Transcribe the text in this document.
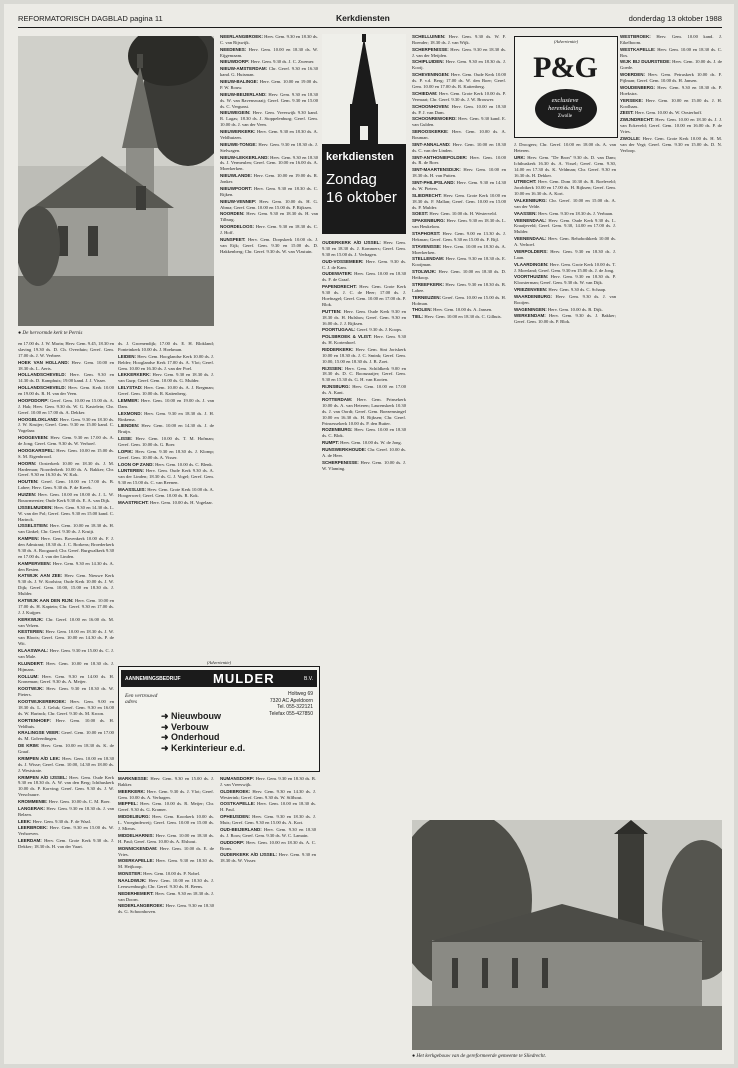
REFORMATORISCH DAGBLAD pagina 11	Kerkdiensten	donderdag 13 oktober 1988
● De hervormde kerk te Pernis

en 17.00 ds. J. W. Marin; Herv. Gem. 9.45, 18.30 en slaving 19.30 ds. D. Ch. Overduin; Geref. Gem. 17.00 ds. J. W. Verbree.

HOEK VAN HOLLAND: Herv. Gem. 10.00 en 18.30 ds. L. Aerts.

HOLLANDSCHEVELD: Herv. Gem. 9.30 en 14.30 ds. D. Kamphuis; 19.00 kand. J. J. Visser.

HOLLANDSCHEVELD: Herv. Gem. Kerk 10.00 en 19.00 ds. R. H. van der Veen.

HOOFDDORP: Geref. Gem. 10.00 en 15.00 ds. A. J. Hak; Herv. Gem. 9.30 ds. W. G. Kastelein; Chr. Geref. 10.00 en 17.00 ds. A. Dekker.

HOOGBLOKLAND: Herv. Gem. 9.30 en 18.30 ds. J. W. Kruijer; Geref. Gem. 9.30 en 15.00 kand. C. Vogelaar.

HOOGEVEEN: Herv. Gem. 9.30 en 17.00 ds. A. de Jong; Geref. Gem. 9.30 ds. W. Verhoef.

HOOGKARSPEL: Herv. Gem. 10.00 en 15.00 ds. S. M. Eigenbrood.

HOORN: Oosterkerk 10.00 en 18.30 ds. J. M. Hardeman; Noorderkerk 10.00 ds. A. Bakker; Chr. Geref. 9.30 en 16.30 ds. W. Kok.

HOUTEN: Geref. Gem. 10.00 en 17.00 ds. B. Labee; Herv. Gem. 9.30 ds. P. de Kreek.

HUIZEN: Herv. Gem. 10.00 en 18.00 ds. J. L. W. Bouwmeester; Oude Kerk 9.30 ds. E. A. van Dijk.

IJSSELMUIDEN: Herv. Gem. 9.30 en 14.30 ds. L. W. van der Pol; Geref. Gem. 9.30 en 15.00 kand. C. Harinck.

IJSSELSTEIN: Herv. Gem. 10.00 en 18.30 ds. H. van Ginkel; Chr. Geref. 9.30 ds. J. Kruijt.

KAMPEN: Herv. Gem. Bovenkerk 10.00 ds. F. J. den Admirant; 18.30 ds. J. C. Borkens; Broederkerk 9.30 ds. A. Boogaard; Chr. Geref. Burgwalkerk 9.30 en 17.00 ds. J. van der Linden.

KAMPERVEEN: Herv. Gem. 9.30 en 14.30 ds. A. den Besten.

KATWIJK AAN ZEE: Herv. Gem. Nieuwe Kerk 9.30 ds. J. W. Koolstra; Oude Kerk 10.00 ds. J. W. Dijk; Geref. Gem. 10.00, 15.00 en 18.30 ds. J. Mulder.

KATWIJK AAN DEN RIJN: Herv. Gem. 10.00 en 17.00 ds. H. Kaptein; Chr. Geref. 9.30 en 17.00 ds. J. J. Kuijper.

KERKWIJK: Chr. Geref. 10.00 en 16.00 ds. M. van Velzen.

KESTEREN: Herv. Gem. 10.00 en 18.30 ds. J. W. van Bloois; Geref. Gem. 10.00 en 14.30 ds. P. de Wit.

KLAASWAAL: Herv. Gem. 9.30 en 15.00 ds. C. J. van Male.

KLUNDERT: Herv. Gem. 10.00 en 18.30 ds. J. Hijmans.

KOLLUM: Herv. Gem. 9.30 en 14.00 ds. H. Kroneman; Geref. 9.30 ds. A. Meijer.

KOOTWIJK: Herv. Gem. 9.30 en 18.30 ds. W. Pieters.

KOOTWIJKERBROEK: Herv. Gem. 9.00 en 18.30 ds. L. J. Geluk; Geref. Gem. 9.30 en 16.00 ds. W. Harinck; Chr. Geref. 9.30 ds. M. Kroon.

KORTENHOEF: Herv. Gem. 10.00 ds. H. Veldhuis.

KRALINGSE VEER: Geref. Gem. 10.00 en 17.00 ds. M. Golverdingen.

DE KRIM: Herv. Gem. 10.00 en 18.30 ds. K. de Graaf.

KRIMPEN A/D LEK: Herv. Gem. 10.00 en 18.30 ds. J. Wisse; Geref. Gem. 10.00, 14.30 en 18.00 ds. J. Weststrate.

KRIMPEN A/D IJSSEL: Herv. Gem. Oude Kerk 9.30 en 18.30 ds. A. W. van den Berg; Ichthuskerk 10.00 ds. P. Korving; Geref. Gem. 9.30 ds. J. W. Verschuure.

KROMMENIE: Herv. Gem. 10.00 ds. C. M. Boer.

LANGERAK: Herv. Gem. 9.30 en 18.30 ds. J. van Belzen.

LEEK: Herv. Gem. 9.30 ds. F. de Waal.

LEERBROEK: Herv. Gem. 9.30 en 15.00 ds. W. Verhoeven.

LEERDAM: Herv. Gem. Grote Kerk 9.30 ds. J. Dekker; 18.30 ds. H. van der Vaart.

ds. J. Groenendijk; 17.00 ds. E. H. Blokland; Fonteinkerk 10.00 ds. J. Hoekman.

LEIDEN: Herv. Gem. Hooglandse Kerk 10.00 ds. J. Belder; Hooglandse Kerk 17.00 ds. A. Vlot; Geref. Gem. 10.00 en 16.30 ds. J. van der Poel.

LEKKERKERK: Herv. Gem. 9.30 en 18.30 ds. J. van Gurp; Geref. Gem. 10.00 ds. G. Mulder.

LELYSTAD: Herv. Gem. 10.00 ds. A. J. Bregman; Geref. Gem. 10.00 ds. R. Kattenberg.

LEMMER: Herv. Gem. 10.00 en 19.00 ds. J. van Dam.

LEXMOND: Herv. Gem. 9.30 en 18.30 ds. J. H. Rinkema.

LIENDEN: Herv. Gem. 10.00 en 14.30 ds. J. de Bruijn.

LISSE: Herv. Gem. 10.00 ds. T. M. Hofman; Geref. Gem. 10.00 ds. G. Boer.

LOPIK: Herv. Gem. 9.30 en 18.30 ds. J. Klomp; Geref. Gem. 10.00 ds. A. Visser.

LOON OP ZAND: Herv. Gem. 10.00 ds. C. Blenk.

LUNTEREN: Herv. Gem. Oude Kerk 9.30 ds. A. van der Linden; 18.30 ds. G. J. Vogel; Geref. Gem. 9.30 en 15.00 ds. C. van Reenen.

MAASSLUIS: Herv. Gem. Grote Kerk 10.00 ds. A. Hoogerwerf; Geref. Gem. 10.00 ds. R. Kok.

MAASTRICHT: Herv. Gem. 10.00 ds. H. Vogelaar.

(Advertentie)
AANNEMINGSBEDRIJF MULDER	B.V.
Holtweg 69
7320 AC Apeldoorn
Tel. 055-322121
Telefax 055-427850
Een vertrouwd adres
➜ Nieuwbouw
➜ Verbouw
➜ Onderhoud
➜ Kerkinterieur e.d.

MARKNESSE: Herv. Gem. 9.30 en 15.00 ds. J. Bakker.

MEERKERK: Herv. Gem. 9.30 ds. J. Vlot; Geref. Gem. 10.00 ds. A. Verhagen.

MEPPEL: Herv. Gem. 10.00 ds. R. Meijer; Chr. Geref. 9.30 ds. G. Kramer.

MIDDELBURG: Herv. Gem. Koorkerk 10.00 ds. L. Vroegindeweij; Geref. Gem. 10.00 en 15.00 ds. J. Mieras.

MIDDELHARNIS: Herv. Gem. 10.00 en 18.30 ds. H. Paul; Geref. Gem. 10.00 ds. A. Elshout.

MONNICKENDAM: Herv. Gem. 10.00 ds. E. de Vries.

MOERKAPELLE: Herv. Gem. 9.30 en 18.30 ds. M. Heijkoop.

MONSTER: Herv. Gem. 10.00 ds. P. Nobel.

NAALDWIJK: Herv. Gem. 10.00 en 18.30 ds. J. Leeuwenburgh; Chr. Geref. 9.30 ds. H. Beens.

NEDERHEMERT: Herv. Gem. 9.30 en 18.30 ds. J. van Doorn.

NEDERLANGBROEK: Herv. Gem. 9.30 en 18.30 ds. G. Schoonhoven.

NUMANSDORP: Herv. Gem. 9.30 en 18.30 ds. B. J. van Vreeswijk.

OLDEBROEK: Herv. Gem. 9.30 en 14.30 ds. J. Westerink; Geref. Gem. 9.30 ds. W. Silfhout.

OOSTKAPELLE: Herv. Gem. 10.00 en 18.30 ds. H. Paul.

OPHEUSDEN: Herv. Gem. 9.30 en 18.30 ds. J. Muis; Geref. Gem. 9.30 en 15.00 ds. A. Kort.

OUD-BEIJERLAND: Herv. Gem. 9.30 en 18.30 ds. J. Roos; Geref. Gem. 9.30 ds. W. C. Lamain.

OUDDORP: Herv. Gem. 10.00 en 18.30 ds. A. C. Brons.

OUDERKERK A/D IJSSEL: Herv. Gem. 9.30 en 18.30 ds. W. Visser.

NEERLANGBROEK: Herv. Gem. 9.30 en 18.30 ds. C. van Rijswijk.

NEEDENES: Herv. Gem. 10.00 en 18.30 ds. W. Eijgenraam.

NIEUWDORP: Herv. Gem. 9.30 ds. J. C. Zwemer.

NIEUW-AMSTERDAM: Chr. Geref. 9.30 en 16.30 kand. G. Huisman.

NIEUW-BALINGE: Herv. Gem. 10.00 en 19.00 ds. P. W. Rouw.

NIEUW-BEIJERLAND: Herv. Gem. 9.30 en 18.30 ds. W. van Ravenswaaij; Geref. Gem. 9.30 en 15.00 ds. C. Vergunst.

NIEUWEGEIN: Herv. Gem. Vreeswijk 9.30 kand. R. Lagas; 18.30 ds. J. Stoppelenburg; Geref. Gem. 10.00 ds. J. van der Veen.

NIEUWERKERK: Herv. Gem. 9.30 en 18.30 ds. A. Veldhuizen.

NIEUWE-TONGE: Herv. Gem. 9.30 en 18.30 ds. J. Stelwagen.

NIEUW-LEKKERLAND: Herv. Gem. 9.30 en 18.30 ds. J. Vermeulen; Geref. Gem. 10.00 en 16.00 ds. A. Moerkerken.

NIEUWLANDE: Herv. Gem. 10.00 en 19.00 ds. R. Jonker.

NIEUWPOORT: Herv. Gem. 9.30 en 18.30 ds. C. Rijken.

NIEUW-VENNEP: Herv. Gem. 10.00 ds. H. G. Abma; Geref. Gem. 10.00 en 15.00 ds. P. Rijksen.

NOORDEN: Herv. Gem. 9.30 en 18.30 ds. H. van Tilburg.

NOORDELOOS: Herv. Gem. 9.30 en 18.30 ds. C. J. Hoff.

NUNSPEET: Herv. Gem. Dorpskerk 10.00 ds. J. van Eijk; Geref. Gem. 9.30 en 15.00 ds. D. Hakkenberg; Chr. Geref. 9.30 ds. W. van Vlastuin.

kerkdiensten
Zondag
16 oktober

OUDERKERK A/D IJSSEL: Herv. Gem. 9.30 en 18.30 ds. J. Kommers; Geref. Gem. 9.30 en 15.00 ds. J. Verhagen.

OUD-VOSSEMEER: Herv. Gem. 9.30 ds. C. J. de Kam.

OUDEWATER: Herv. Gem. 10.00 en 18.30 ds. F. de Graaf.

PAPENDRECHT: Herv. Gem. Grote Kerk 9.30 ds. J. C. de Heer; 17.00 ds. J. Hoefnagel; Geref. Gem. 10.00 en 17.00 ds. P. Blok.

PUTTEN: Herv. Gem. Oude Kerk 9.30 en 18.30 ds. H. Hulsbos; Geref. Gem. 9.30 en 16.00 ds. J. J. Rijksen.

POORTUGAAL: Geref. 9.30 ds. J. Koops.

POLSBROEK & VLIST: Herv. Gem. 9.30 ds. H. Kortenhoef.

RIDDERKERK: Herv. Gem. Sint Joriskerk 10.00 en 18.30 ds. J. C. Smink; Geref. Gem. 10.00, 15.00 en 18.30 ds. J. B. Zoet.

RIJSSEN: Herv. Gem. Schildkerk 9.00 en 18.30 ds. D. C. Boonzaaijer; Geref. Gem. 9.30 en 15.30 ds. G. H. van Kooten.

RIJNSBURG: Herv. Gem. 10.00 en 17.00 ds. A. Kant.

ROTTERDAM: Herv. Gem. Prinsekerk 10.00 ds. A. van Heteren; Laurenskerk 10.30 ds. J. van Oordt; Geref. Gem. Boezemsingel 10.00 en 16.30 ds. H. Rijksen; Chr. Geref. Prinsessekerk 10.00 ds. P. den Butter.

ROZENBURG: Herv. Gem. 10.00 en 18.30 ds. C. Blok.

RUMPT: Herv. Gem. 10.00 ds. W. de Jong.

RUNSWERKHOUDE: Chr. Geref. 10.00 ds. A. de Heer.

SCHERPENISSE: Herv. Gem. 10.00 ds. J. W. Vlaming.

SCHELLUINEN: Herv. Gem. 9.30 ds. W. F. Boender; 18.30 ds. J. van Wijk.

SCHERPENISSE: Herv. Gem. 9.30 en 18.30 ds. J. van der Meijden.

SCHIPLUIDEN: Herv. Gem. 9.30 en 18.30 ds. J. Kooij.

SCHEVENINGEN: Herv. Gem. Oude Kerk 10.00 ds. P. v.d. Berg; 17.00 ds. W. den Boer; Geref. Gem. 10.00 en 17.00 ds. R. Kattenberg.

SCHIEDAM: Herv. Gem. Grote Kerk 10.00 ds. P. Vermaat; Chr. Geref. 9.30 ds. J. W. Brouwer.

SCHOONHOVEN: Herv. Gem. 10.00 en 18.30 ds. P. J. van Dam.

SCHOONREWOERD: Herv. Gem. 9.30 kand. E. van Gulden.

SEROOSKERKE: Herv. Gem. 10.00 ds. A. Bouman.

SINT-ANNALAND: Herv. Gem. 10.00 en 18.30 ds. C. van der Linden.

SINT-ANTHONIEPOLDER: Herv. Gem. 10.00 ds. R. de Boer.

SINT-MAARTENSDIJK: Herv. Gem. 10.00 en 18.30 ds. H. van Putten.

SINT-PHILIPSLAND: Herv. Gem. 9.30 en 14.30 ds. W. Pieters.

SLIEDRECHT: Herv. Gem. Grote Kerk 10.00 en 18.30 ds. F. Mallan; Geref. Gem. 10.00 en 15.00 ds. P. Mulder.

SOEST: Herv. Gem. 10.00 ds. H. Westerveld.

SPAKENBURG: Herv. Gem. 9.30 en 18.30 ds. L. van Heukelom.

STAPHORST: Herv. Gem. 9.00 en 13.30 ds. J. Hekman; Geref. Gem. 9.30 en 15.00 ds. F. Bijl.

STAVENISSE: Herv. Gem. 10.00 en 18.30 ds. A. Moerkerken.

STELLENDAM: Herv. Gem. 9.30 en 18.30 ds. E. Kooijman.

STOLWIJK: Herv. Gem. 10.00 en 18.30 ds. D. Heikoop.

STREEFKERK: Herv. Gem. 9.30 en 18.30 ds. B. Labee.

TERNEUZEN: Geref. Gem. 10.00 en 15.00 ds. H. Hofman.

THOLEN: Herv. Gem. 10.00 ds. A. Jansen.

TIEL: Herv. Gem. 10.00 en 18.30 ds. C. Gilhuis.

(Advertentie)
P&G
exclusieve
herenkleding
Zwolle

J. Droogers; Chr. Geref. 10.00 en 18.00 ds. A. van Heteren.

URK: Herv. Gem. "De Bron" 9.30 ds. D. van Dam; Ichthuskerk 16.30 ds. A. Vissel; Geref. Gem. 9.30, 14.00 en 17.30 ds. K. Veldman; Chr. Geref. 9.30 en 16.30 ds. H. Dekker.

UTRECHT: Herv. Gem. Dom 10.30 ds. R. Roeleveld; Jacobikerk 10.00 en 17.00 ds. H. Rijksen; Geref. Gem. 10.00 en 16.30 ds. A. Kort.

VALKENBURG: Chr. Geref. 10.00 en 15.00 ds. A. van der Velde.

VAASSEN: Herv. Gem. 9.30 en 18.30 ds. J. Verbaan.

VEENENDAAL: Herv. Gem. Oude Kerk 9.30 ds. L. Kraaijeveld; Geref. Gem. 9.30, 14.00 en 17.00 ds. J. Mulder.

VEENENDAAL: Herv. Gem. Rehobothkerk 10.00 ds. A. Verhoef.

VIERPOLDERS: Herv. Gem. 9.30 en 18.30 ds. J. Laan.

VLAARDINGEN: Herv. Gem. Grote Kerk 10.00 ds. T. J. Moerland; Geref. Gem. 9.30 en 15.00 ds. J. de Jong.

VOORTHUIZEN: Herv. Gem. 9.30 en 18.30 ds. P. Kloosterman; Geref. Gem. 9.30 ds. W. van Dijk.

VRIEZENVEEN: Herv. Gem. 9.30 ds. C. Schaap.

WAARDENBURG: Herv. Gem. 9.30 ds. J. van Rooijen.

WAGENINGEN: Herv. Gem. 10.00 ds. B. Dijk.

WERKENDAM: Herv. Gem. 9.30 ds. J. Bakker; Geref. Gem. 10.00 ds. P. Blok.

WESTBROEK: Herv. Gem. 10.00 kand. J. Eikelboom.

WESTKAPELLE: Herv. Gem. 10.00 en 18.30 ds. C. Bos.

WIJK BIJ DUURSTEDE: Herv. Gem. 10.00 ds. J. de Goede.

WOERDEN: Herv. Gem. Petruskerk 10.00 ds. F. Pijlman; Geref. Gem. 10.00 ds. H. Jansen.

WOUDENBERG: Herv. Gem. 9.30 en 18.30 ds. P. Hoekstra.

YERSEKE: Herv. Gem. 10.00 en 15.00 ds. J. H. Koolhaas.

ZEIST: Herv. Gem. 10.00 ds. W. Oosterhoff.

ZWIJNDRECHT: Herv. Gem. 10.00 en 18.30 ds. J. J. van Eckeveld; Geref. Gem. 10.00 en 16.00 ds. P. de Vries.

ZWOLLE: Herv. Gem. Grote Kerk 10.00 ds. H. M. van der Vegt; Geref. Gem. 9.30 en 15.00 ds. D. N. Verloop.

● Het kerkgebouw van de gereformeerde gemeente te Sliedrecht.
